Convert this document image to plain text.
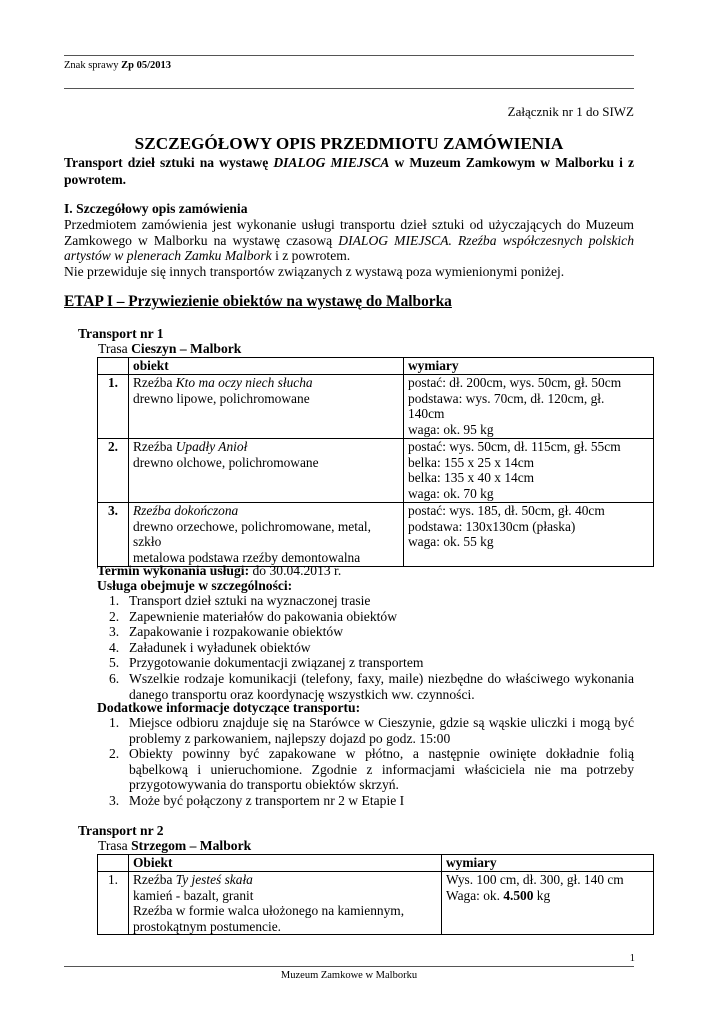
Znak sprawy Zp 05/2013
Załącznik nr 1 do SIWZ
SZCZEGÓŁOWY OPIS PRZEDMIOTU ZAMÓWIENIA
Transport dzieł sztuki na wystawę DIALOG MIEJSCA w Muzeum Zamkowym w Malborku i z
powrotem.
I. Szczegółowy opis zamówienia
Przedmiotem zamówienia jest wykonanie usługi transportu dzieł sztuki od użyczających do Muzeum
Zamkowego w Malborku na wystawę czasową DIALOG MIEJSCA. Rzeźba współczesnych polskich
artystów w plenerach Zamku Malbork i z powrotem.
Nie przewiduje się innych transportów związanych z wystawą poza wymienionymi poniżej.
ETAP I – Przywiezienie obiektów na wystawę do Malborka
Transport nr 1
Trasa Cieszyn – Malbork
	obiekt	wymiary
1.	Rzeźba Kto ma oczy niech słucha
drewno lipowe, polichromowane	postać: dł. 200cm, wys. 50cm, gł. 50cm
podstawa: wys. 70cm, dł. 120cm, gł.
140cm
waga: ok. 95 kg
2.	Rzeźba Upadły Anioł
drewno olchowe, polichromowane	postać: wys. 50cm, dł. 115cm, gł. 55cm
belka: 155 x 25 x 14cm
belka: 135 x 40 x 14cm
waga: ok. 70 kg
3.	Rzeźba dokończona
drewno orzechowe, polichromowane, metal,
szkło
metalowa podstawa rzeźby demontowalna	postać: wys. 185, dł. 50cm, gł. 40cm
podstawa: 130x130cm (płaska)
waga: ok. 55 kg
Termin wykonania usługi: do 30.04.2013 r.
Usługa obejmuje w szczególności:
1. Transport dzieł sztuki na wyznaczonej trasie
2. Zapewnienie materiałów do pakowania obiektów
3. Zapakowanie i rozpakowanie obiektów
4. Załadunek i wyładunek obiektów
5. Przygotowanie dokumentacji związanej z transportem
6. Wszelkie rodzaje komunikacji (telefony, faxy, maile) niezbędne do właściwego wykonania danego transportu oraz koordynację wszystkich ww. czynności.
Dodatkowe informacje dotyczące transportu:
1. Miejsce odbioru znajduje się na Starówce w Cieszynie, gdzie są wąskie uliczki i mogą być problemy z parkowaniem, najlepszy dojazd po godz. 15:00
2. Obiekty powinny być zapakowane w płótno, a następnie owinięte dokładnie folią bąbelkową i unieruchomione. Zgodnie z informacjami właściciela nie ma potrzeby przygotowywania do transportu obiektów skrzyń.
3. Może być połączony z transportem nr 2 w Etapie I
Transport nr 2
Trasa Strzegom – Malbork
	Obiekt	wymiary
1.	Rzeźba Ty jesteś skała
kamień - bazalt, granit
Rzeźba w formie walca ułożonego na kamiennym,
prostokątnym postumencie.	Wys. 100 cm, dł. 300, gł. 140 cm
Waga: ok. 4.500 kg
1
Muzeum Zamkowe w Malborku
